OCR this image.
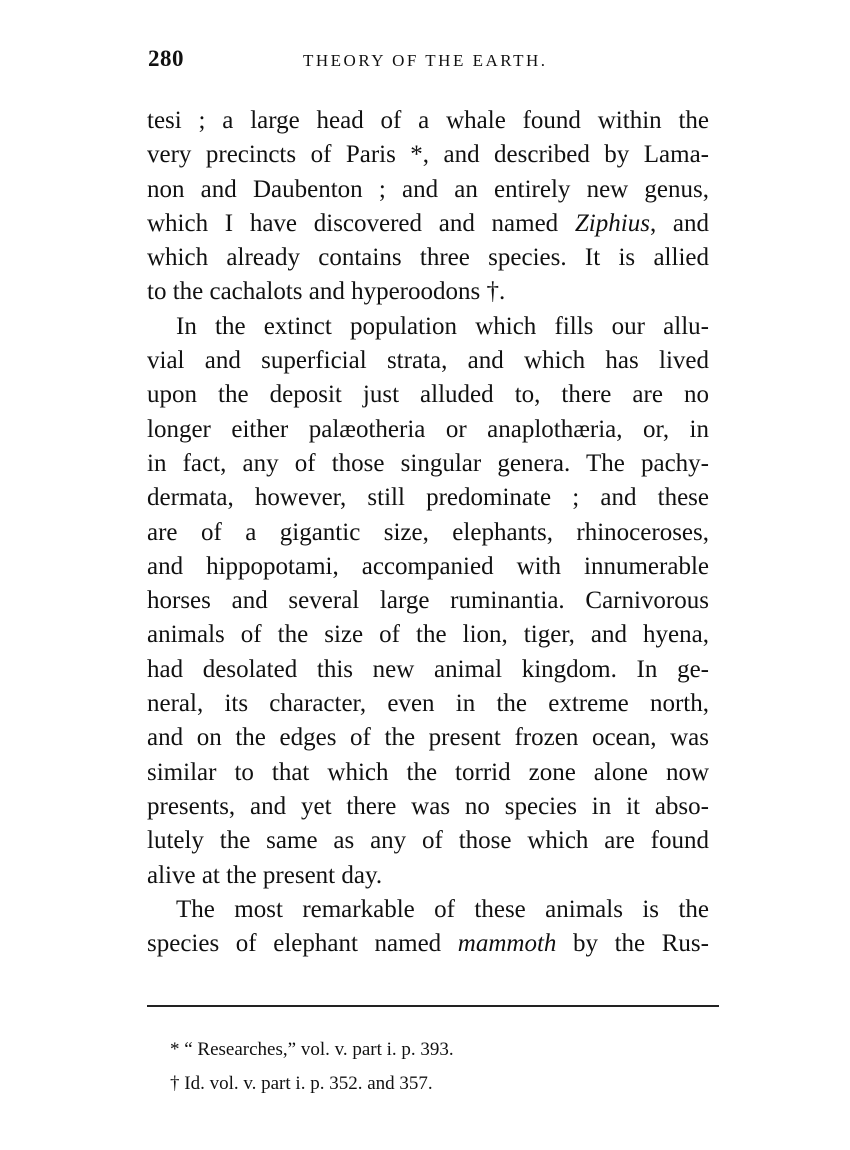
280	THEORY OF THE EARTH.
tesi ; a large head of a whale found within the
very precincts of Paris *, and described by Lama-
non and Daubenton ; and an entirely new genus,
which I have discovered and named Ziphius, and
which already contains three species. It is allied
to the cachalots and hyperoodons †.
In the extinct population which fills our allu-
vial and superficial strata, and which has lived
upon the deposit just alluded to, there are no
longer either palæotheria or anaplothæria, or, in
in fact, any of those singular genera. The pachy-
dermata, however, still predominate ; and these
are of a gigantic size, elephants, rhinoceroses,
and hippopotami, accompanied with innumerable
horses and several large ruminantia. Carnivorous
animals of the size of the lion, tiger, and hyena,
had desolated this new animal kingdom. In ge-
neral, its character, even in the extreme north,
and on the edges of the present frozen ocean, was
similar to that which the torrid zone alone now
presents, and yet there was no species in it abso-
lutely the same as any of those which are found
alive at the present day.
The most remarkable of these animals is the
species of elephant named mammoth by the Rus-
* “ Researches,” vol. v. part i. p. 393.
† Id. vol. v. part i. p. 352. and 357.
